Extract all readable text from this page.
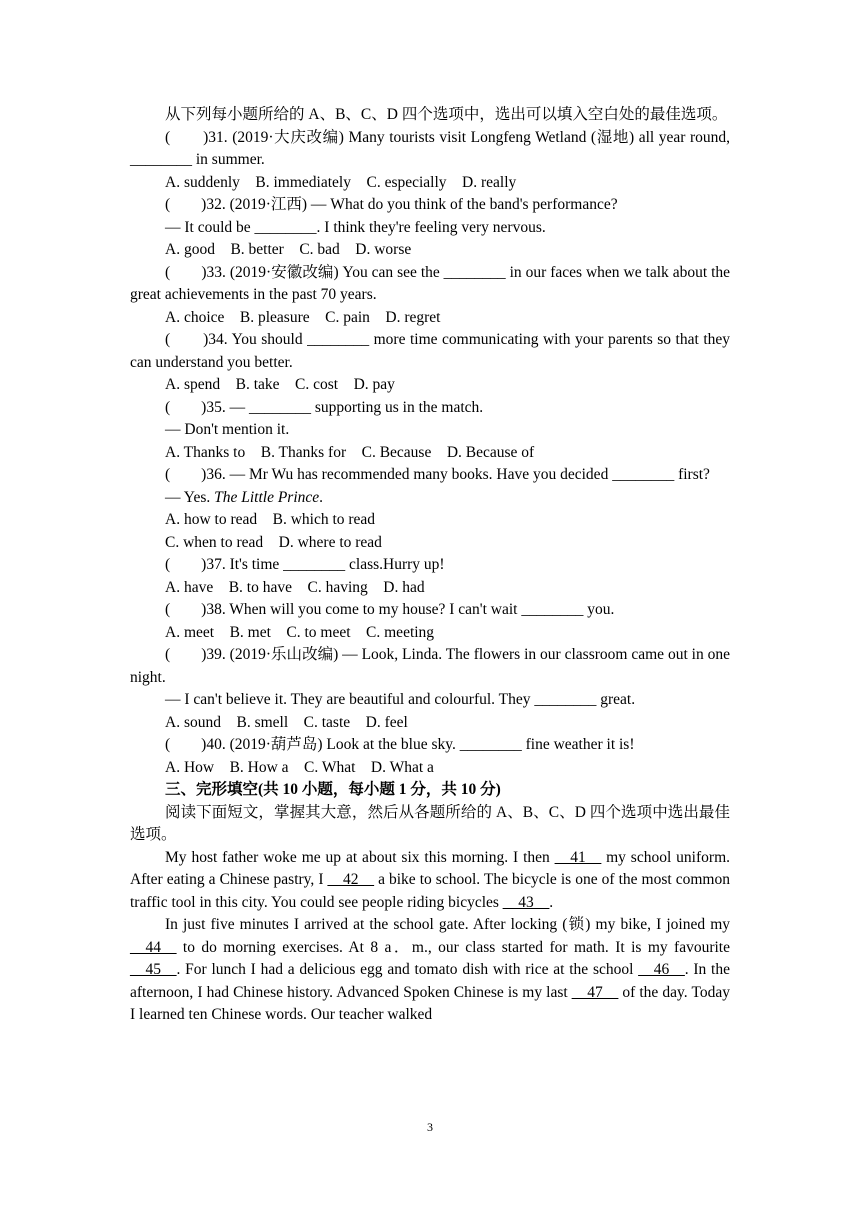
从下列每小题所给的 A、B、C、D 四个选项中，选出可以填入空白处的最佳选项。

(　　)31. (2019·大庆改编) Many tourists visit Longfeng Wetland (湿地) all year round, ________ in summer.

A. suddenly    B. immediately    C. especially    D. really

(　　)32. (2019·江西) — What do you think of the band's performance?

— It could be ________. I think they're feeling very nervous.

A. good    B. better    C. bad    D. worse

(　　)33. (2019·安徽改编) You can see the ________ in our faces when we talk about the great achievements in the past 70 years.

A. choice    B. pleasure    C. pain    D. regret

(　　)34. You should ________ more time communicating with your parents so that they can understand you better.

A. spend    B. take    C. cost    D. pay

(　　)35. — ________ supporting us in the match.

— Don't mention it.

A. Thanks to    B. Thanks for    C. Because    D. Because of

(　　)36. — Mr Wu has recommended many books. Have you decided ________ first?

— Yes. The Little Prince.

A. how to read    B. which to read

C. when to read    D. where to read

(　　)37. It's time ________ class.Hurry up!

A. have    B. to have    C. having    D. had

(　　)38. When will you come to my house? I can't wait ________ you.

A. meet    B. met    C. to meet    C. meeting

(　　)39. (2019·乐山改编) — Look, Linda. The flowers in our classroom came out in one night.

— I can't believe it. They are beautiful and colourful. They ________ great.

A. sound    B. smell    C. taste    D. feel

(　　)40. (2019·葫芦岛) Look at the blue sky. ________ fine weather it is!

A. How    B. How a    C. What    D. What a

三、完形填空(共 10 小题，每小题 1 分，共 10 分)

阅读下面短文，掌握其大意，然后从各题所给的 A、B、C、D 四个选项中选出最佳选项。

My host father woke me up at about six this morning. I then __41__ my school uniform. After eating a Chinese pastry, I __42__ a bike to school. The bicycle is one of the most common traffic tool in this city. You could see people riding bicycles __43__.

In just five minutes I arrived at the school gate. After locking (锁) my bike, I joined my __44__ to do morning exercises. At 8 a．m., our class started for math. It is my favourite __45__. For lunch I had a delicious egg and tomato dish with rice at the school __46__. In the afternoon, I had Chinese history. Advanced Spoken Chinese is my last __47__ of the day. Today I learned ten Chinese words. Our teacher walked

3
